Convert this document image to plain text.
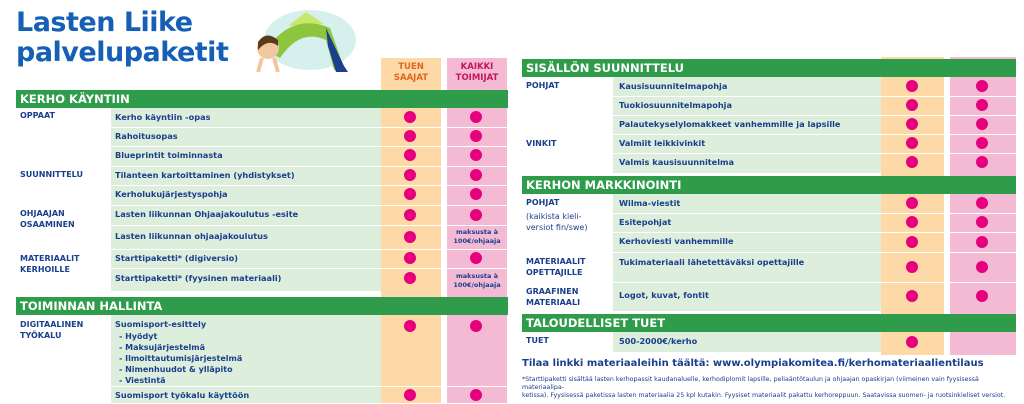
Lasten Liike
palvelupaketit	TUEN
SAAJAT
KAIKKI
TOIMIJAT
KERHO KÄYNTIIN
OPPAAT
SUUNNITTELU
OHJAAJAN
OSAAMINEN
MATERIAALIT
KERHOILLE
Kerho käyntiin -opas
Rahoitusopas
Blueprintit toiminnasta
Tilanteen kartoittaminen (yhdistykset)
Kerholukujärjestyspohja
Lasten liikunnan Ohjaajakoulutus -esite
Lasten liikunnan ohjaajakoulutus
Starttipaketti* (digiversio)
Starttipaketti* (fyysinen materiaali)
maksusta à
100€/ohjaaja
maksusta à
100€/ohjaaja
TOIMINNAN HALLINTA
DIGITAALINEN
TYÖKALU
Suomisport-esittely
- Hyödyt
- Maksujärjestelmä
- Ilmoittautumisjärjestelmä
- Nimenhuudot & ylläpito
- Viestintä
Suomisport työkalu käyttöön
SISÄLLÖN SUUNNITTELU
POHJAT
VINKIT
Kausisuunnitelmapohja
Tuokiosuunnitelmapohja
Palautekyselylomakkeet vanhemmille ja lapsille
Valmiit leikkivinkit
Valmis kausisuunnitelma
KERHON MARKKINOINTI
POHJAT
(kaikista kieli-
versiot fin/swe)
MATERIAALIT
OPETTAJILLE
GRAAFINEN
MATERIAALI
Wilma-viestit
Esitepohjat
Kerhoviesti vanhemmille
Tukimateriaali lähetettäväksi opettajille
Logot, kuvat, fontit
TALOUDELLISET TUET
TUET	500-2000€/kerho
Tilaa linkki materiaaleihin täältä: www.olympiakomitea.fi/kerhomateriaalientilaus
*Starttipaketti sisältää lasten kerhopassit kaudanaluelle, kerhodiplomit lapsille, peliaäntötaulun ja ohjaajan opaskirjan (viimeinen vain fyysisessä materiaalipa-
ketissa). Fyysisessä paketissa lasten materiaalia 25 kpl kutakin. Fyysiset materiaalit pakattu kerhoreppuun. Saatavissa suomen- ja ruotsinkieliset versiot.
